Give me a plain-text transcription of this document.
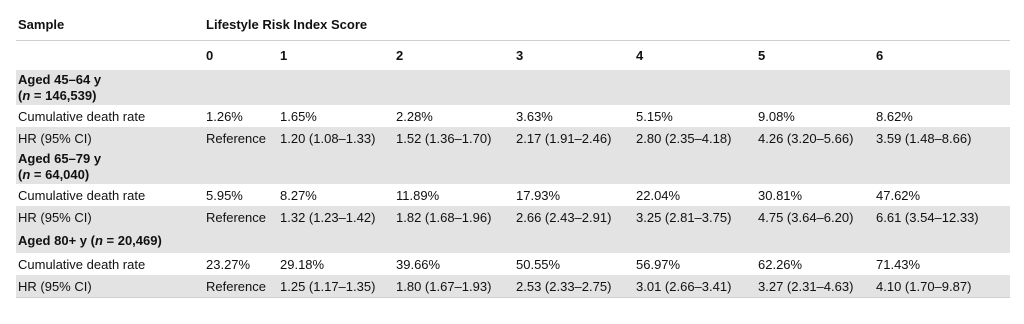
Sample	Lifestyle Risk Index Score						
	0	1	2	3	4	5	6

Aged 45–64 y
(n = 146,539)							

Cumulative death rate	1.26%	1.65%	2.28%	3.63%	5.15%	9.08%	8.62%
HR (95% CI)	Reference	1.20 (1.08–1.33)	1.52 (1.36–1.70)	2.17 (1.91–2.46)	2.80 (2.35–4.18)	4.26 (3.20–5.66)	3.59 (1.48–8.66)

Aged 65–79 y
(n = 64,040)							

Cumulative death rate	5.95%	8.27%	11.89%	17.93%	22.04%	30.81%	47.62%
HR (95% CI)	Reference	1.32 (1.23–1.42)	1.82 (1.68–1.96)	2.66 (2.43–2.91)	3.25 (2.81–3.75)	4.75 (3.64–6.20)	6.61 (3.54–12.33)
Aged 80+ y (n = 20,469)							
Cumulative death rate	23.27%	29.18%	39.66%	50.55%	56.97%	62.26%	71.43%
HR (95% CI)	Reference	1.25 (1.17–1.35)	1.80 (1.67–1.93)	2.53 (2.33–2.75)	3.01 (2.66–3.41)	3.27 (2.31–4.63)	4.10 (1.70–9.87)
